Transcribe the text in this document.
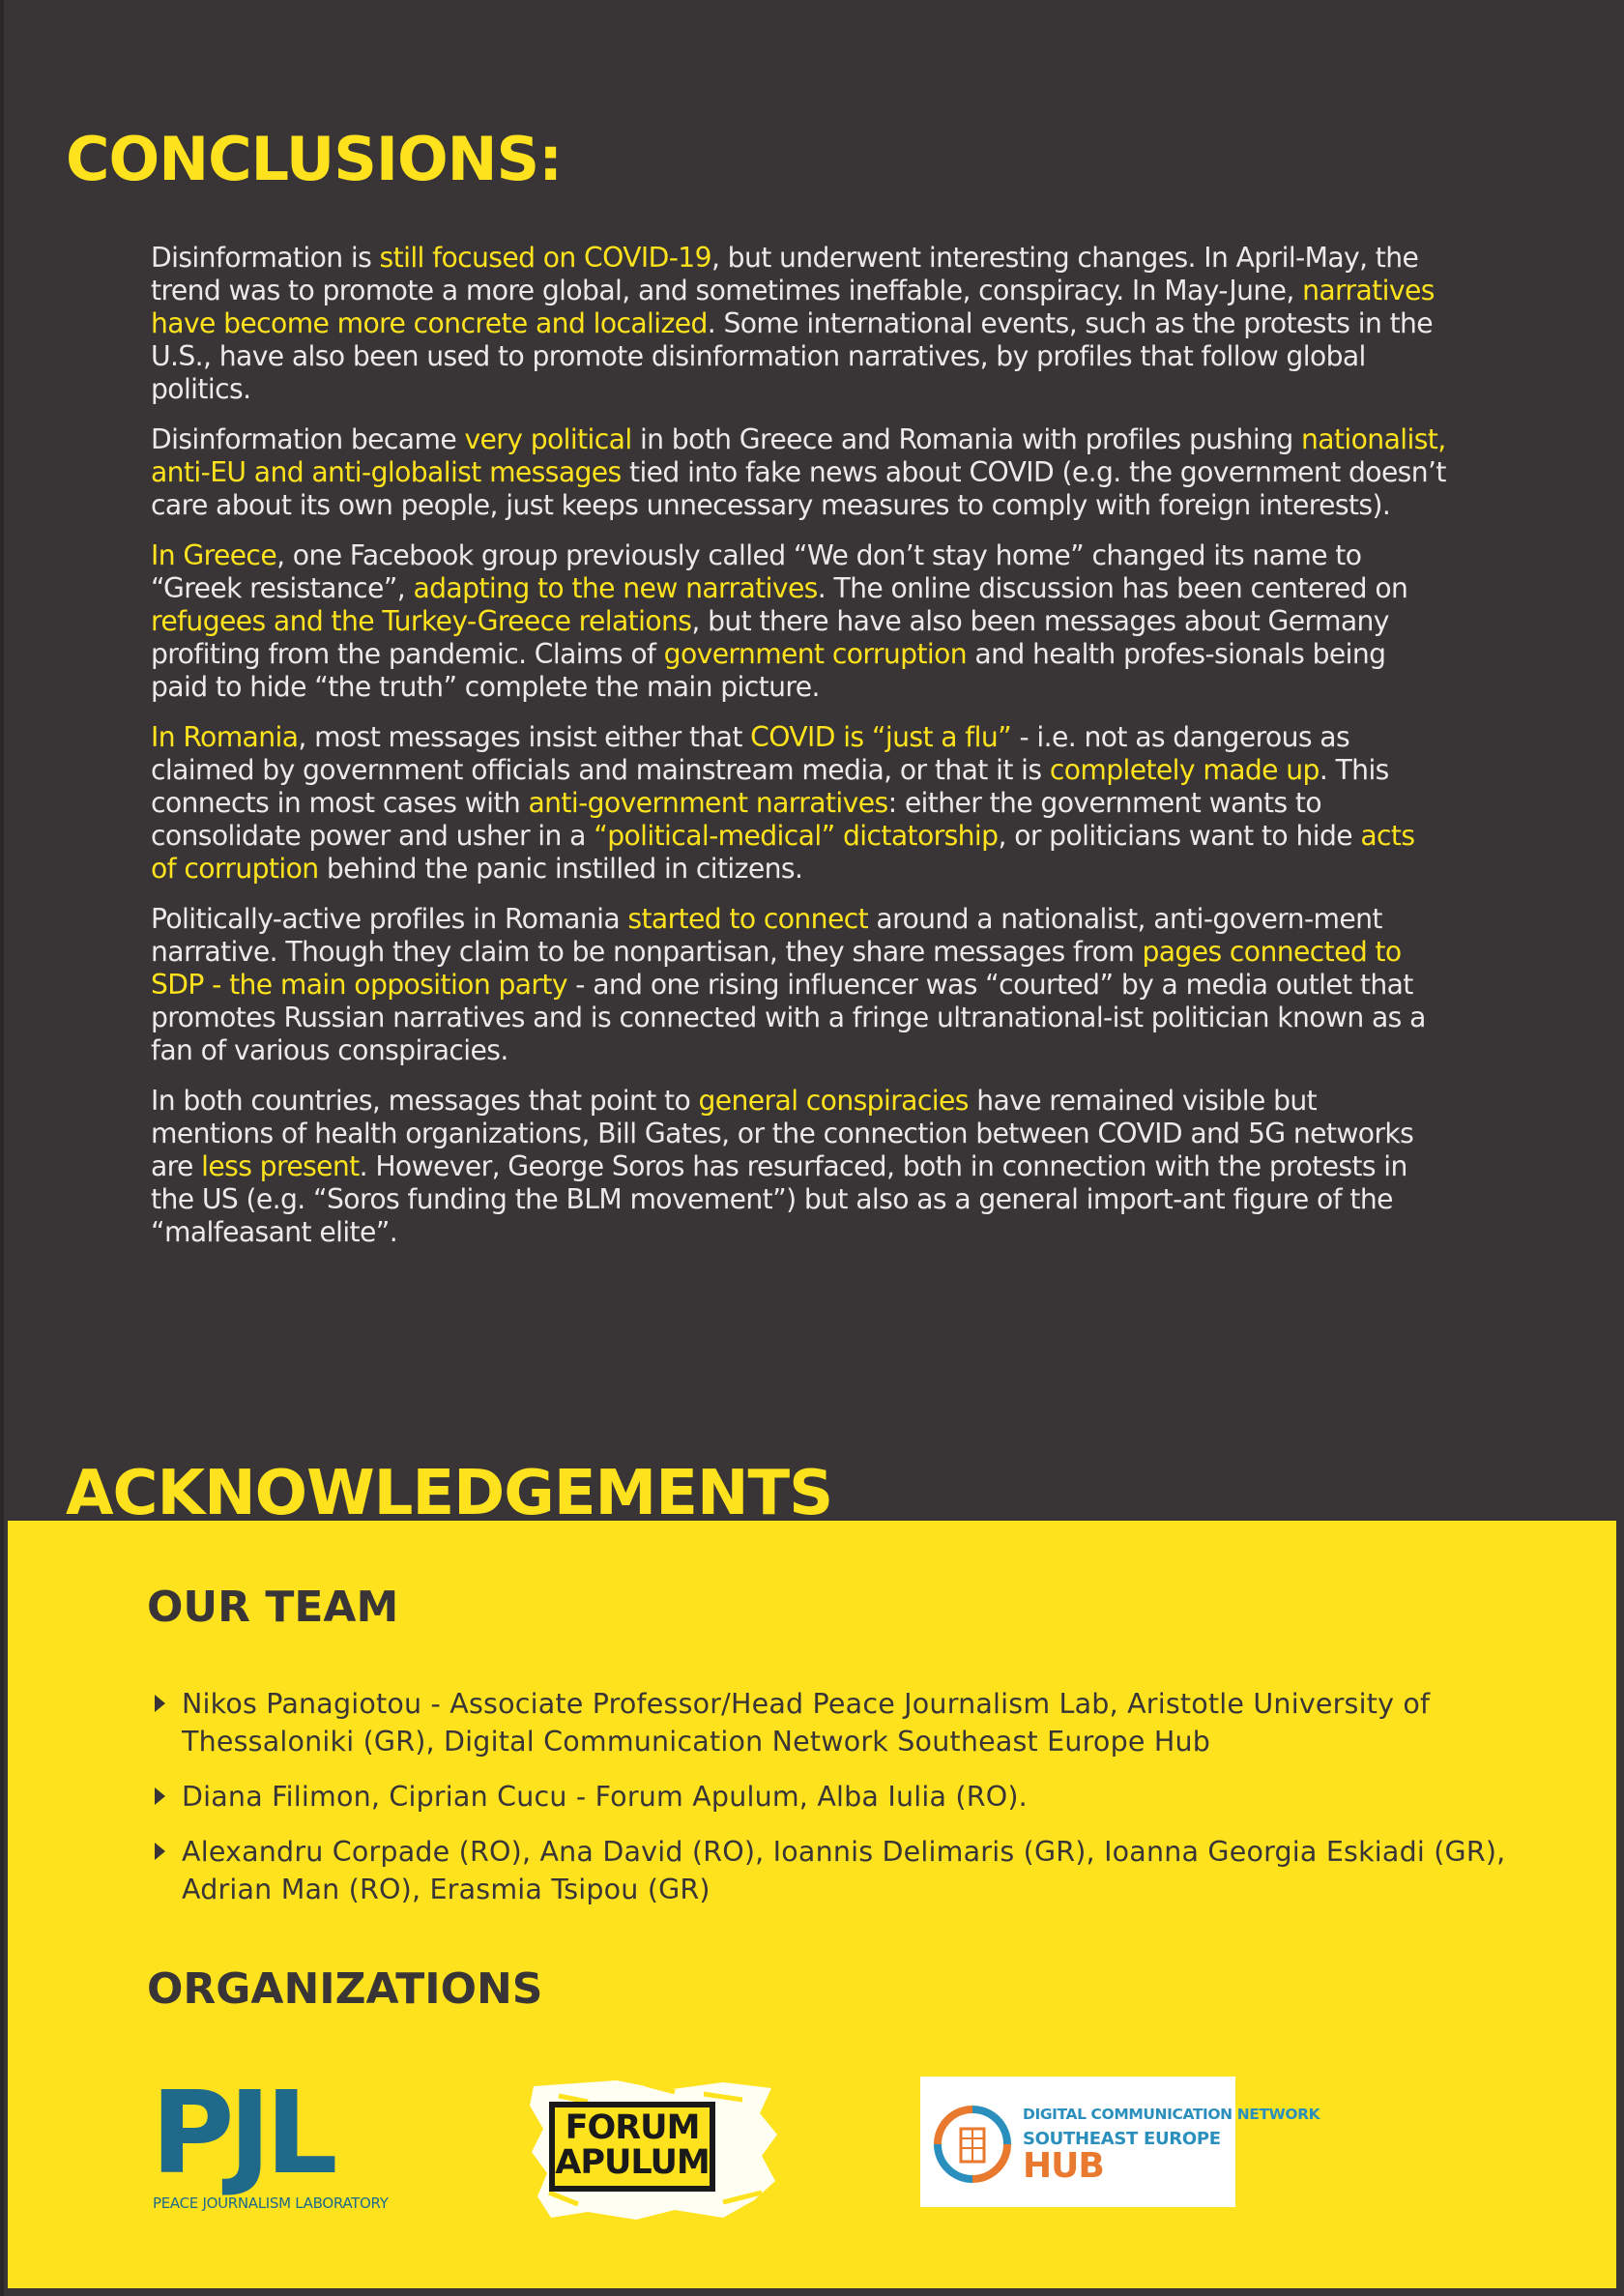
CONCLUSIONS:

Disinformation is still focused on COVID-19, but underwent interesting changes. In April-May, the trend was to promote a more global, and sometimes ineffable, conspiracy. In May-June, narratives have become more concrete and localized. Some international events, such as the protests in the U.S., have also been used to promote disinformation narratives, by profiles that follow global politics.

Disinformation became very political in both Greece and Romania with profiles pushing nationalist, anti-EU and anti-globalist messages tied into fake news about COVID (e.g. the government doesn’t care about its own people, just keeps unnecessary measures to comply with foreign interests).

In Greece, one Facebook group previously called “We don’t stay home” changed its name to “Greek resistance”, adapting to the new narratives. The online discussion has been centered on refugees and the Turkey-Greece relations, but there have also been messages about Germany profiting from the pandemic. Claims of government corruption and health profes-sionals being paid to hide “the truth” complete the main picture.

In Romania, most messages insist either that COVID is “just a flu” - i.e. not as dangerous as claimed by government officials and mainstream media, or that it is completely made up. This connects in most cases with anti-government narratives: either the government wants to consolidate power and usher in a “political-medical” dictatorship, or politicians want to hide acts of corruption behind the panic instilled in citizens.

Politically-active profiles in Romania started to connect around a nationalist, anti-govern-ment narrative. Though they claim to be nonpartisan, they share messages from pages connected to SDP - the main opposition party - and one rising influencer was “courted” by a media outlet that promotes Russian narratives and is connected with a fringe ultranational-ist politician known as a fan of various conspiracies.

In both countries, messages that point to general conspiracies have remained visible but mentions of health organizations, Bill Gates, or the connection between COVID and 5G networks are less present. However, George Soros has resurfaced, both in connection with the protests in the US (e.g. “Soros funding the BLM movement”) but also as a general import-ant figure of the “malfeasant elite”.

ACKNOWLEDGEMENTS
OUR TEAM
Nikos Panagiotou - Associate Professor/Head Peace Journalism Lab, Aristotle University of Thessaloniki (GR), Digital Communication Network Southeast Europe Hub
Diana Filimon, Ciprian Cucu - Forum Apulum, Alba Iulia (RO).
Alexandru Corpade (RO), Ana David (RO), Ioannis Delimaris (GR), Ioanna Georgia Eskiadi (GR), Adrian Man (RO), Erasmia Tsipou (GR)
ORGANIZATIONS
PJL
PEACE JOURNALISM LABORATORY
FORUM
APULUM
DIGITAL COMMUNICATION NETWORK
SOUTHEAST EUROPE
HUB
